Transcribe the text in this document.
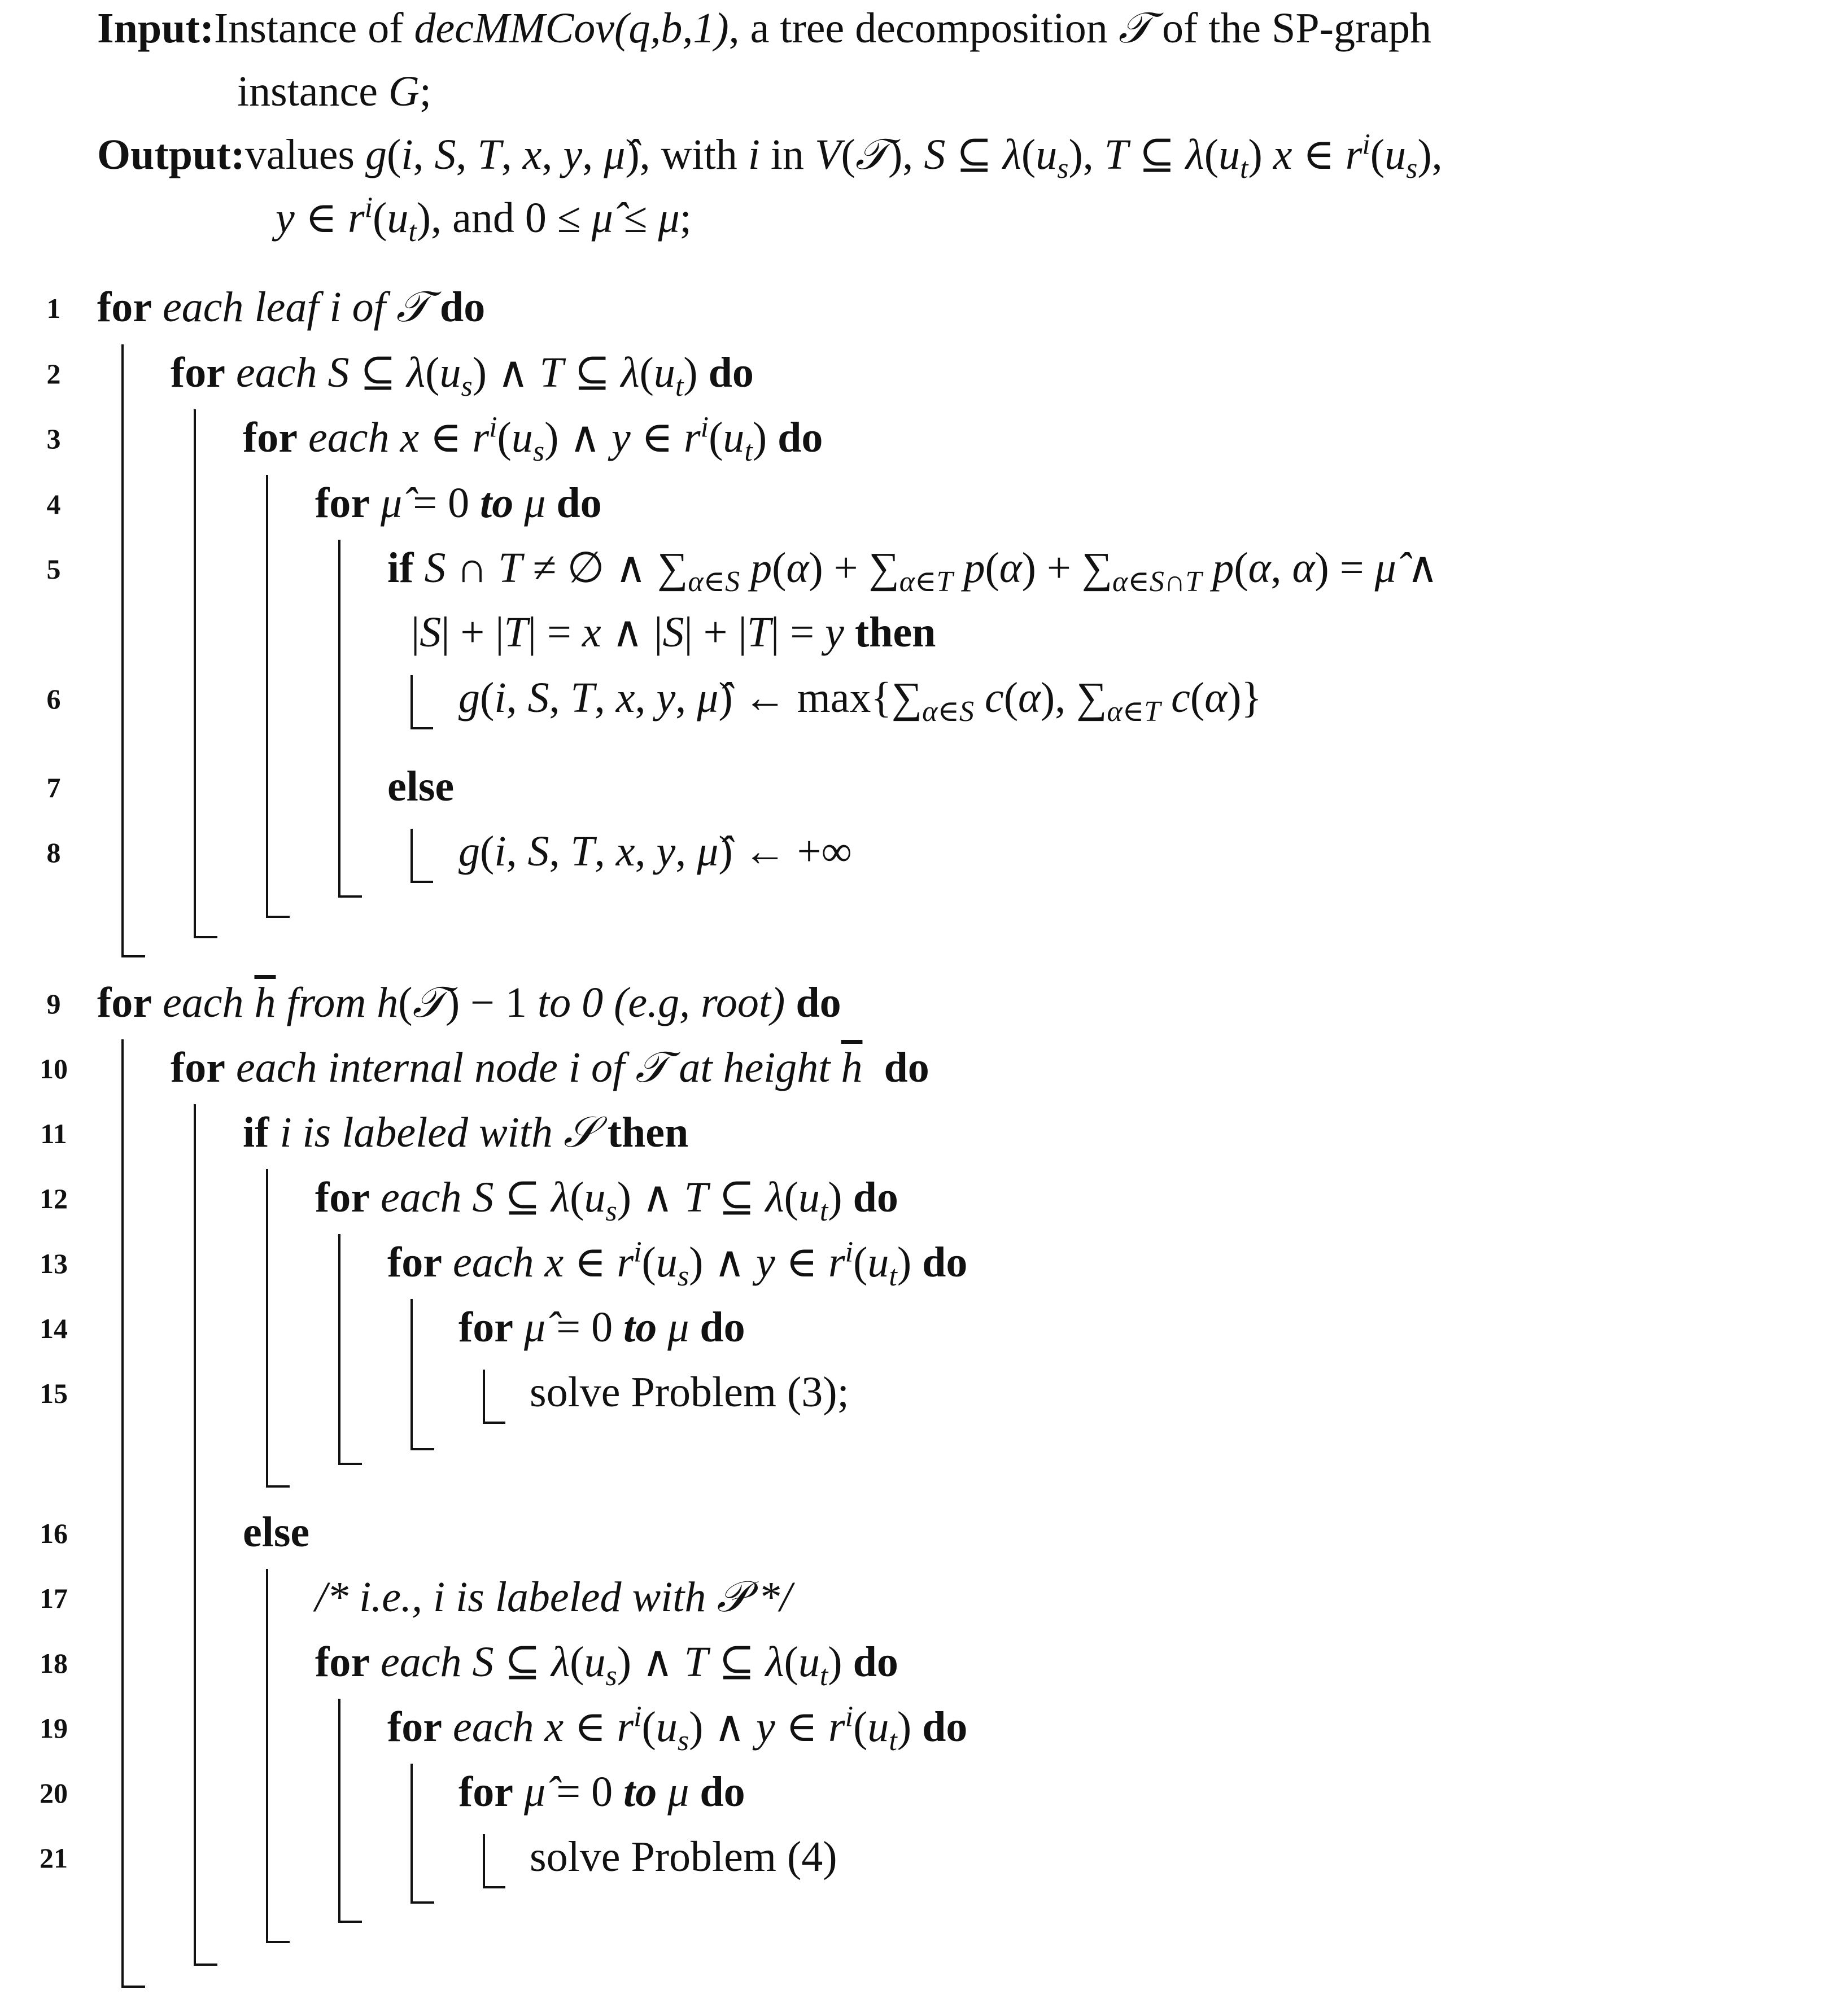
Input:Instance of decMMCov(q,b,1), a tree decomposition 𝒯 of the SP-graph
instance G;
Output:values g(i, S, T, x, y, μ̂), with i in V(𝒯), S ⊆ $\lambda(u_s)$, T ⊆ $\lambda(u_t)$ x ∈ $r^i(u_s)$,
y ∈ $r^i(u_t)$, and 0 ≤ μ̂ ≤ μ;
1
2
3
4
5
6
7
8
9
10
11
12
13
14
15
16
17
18
19
20
21
for each leaf i of 𝒯 do
for each S ⊆ $\lambda(u_s)$ ∧ T ⊆ $\lambda(u_t)$ do
for each x ∈ $r^i(u_s)$ ∧ y ∈ $r^i(u_t)$ do
for μ̂ = 0 to μ do
if S ∩ T ≠ ∅ ∧ $\sum_{\alpha\in S}$ $p(\alpha) + \sum_{\alpha\in T}$ $p(\alpha) + \sum_{\alpha\in S\cap T}$ p(α, α) = μ̂ ∧
|S| + |T| = x ∧ |S| + |T| = y then
g(i, S, T, x, y, μ̂) ← $\max\{\sum_{\alpha\in S}$ c(α), $\sum_{\alpha\in T}$ c(α)}
else
g(i, S, T, x, y, μ̂) ← +∞
for each $\overline{h}$ from h(𝒯) − 1 to 0 (e.g, root) do
for each internal node i of 𝒯 at height $\overline{h}$ do
if i is labeled with 𝒮 then
for each S ⊆ $\lambda(u_s)$ ∧ T ⊆ $\lambda(u_t)$ do
for each x ∈ $r^i(u_s)$ ∧ y ∈ $r^i(u_t)$ do
for μ̂ = 0 to μ do
solve Problem (3);
else
/* i.e., i is labeled with 𝒫 */
for each S ⊆ $\lambda(u_s)$ ∧ T ⊆ $\lambda(u_t)$ do
for each x ∈ $r^i(u_s)$ ∧ y ∈ $r^i(u_t)$ do
for μ̂ = 0 to μ do
solve Problem (4)
